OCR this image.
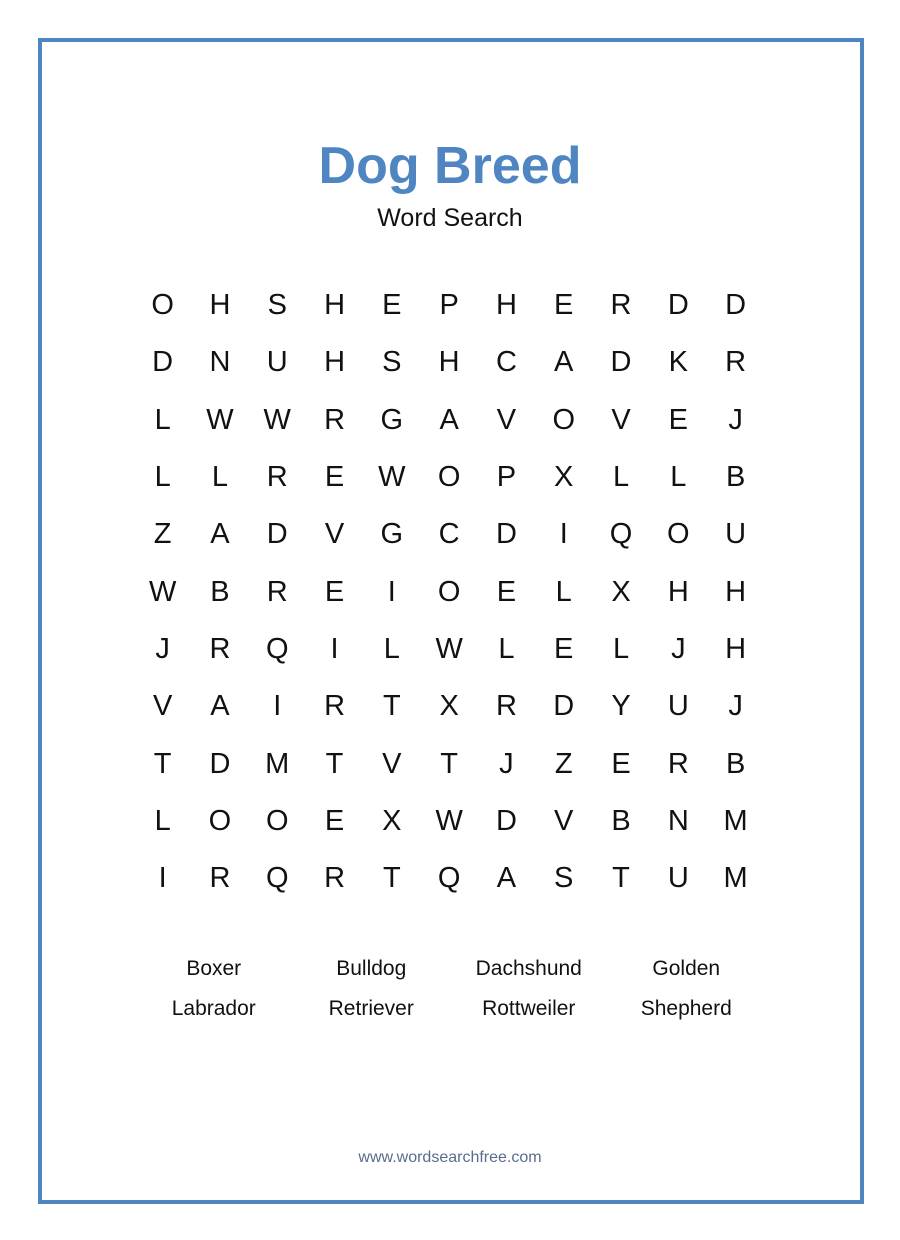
Dog Breed
Word Search
O	H	S	H	E	P	H	E	R	D	D
D	N	U	H	S	H	C	A	D	K	R
L	W	W	R	G	A	V	O	V	E	J
L	L	R	E	W	O	P	X	L	L	B
Z	A	D	V	G	C	D	I	Q	O	U
W	B	R	E	I	O	E	L	X	H	H
J	R	Q	I	L	W	L	E	L	J	H
V	A	I	R	T	X	R	D	Y	U	J
T	D	M	T	V	T	J	Z	E	R	B
L	O	O	E	X	W	D	V	B	N	M
I	R	Q	R	T	Q	A	S	T	U	M
Boxer	Bulldog	Dachshund	Golden
Labrador	Retriever	Rottweiler	Shepherd
www.wordsearchfree.com
